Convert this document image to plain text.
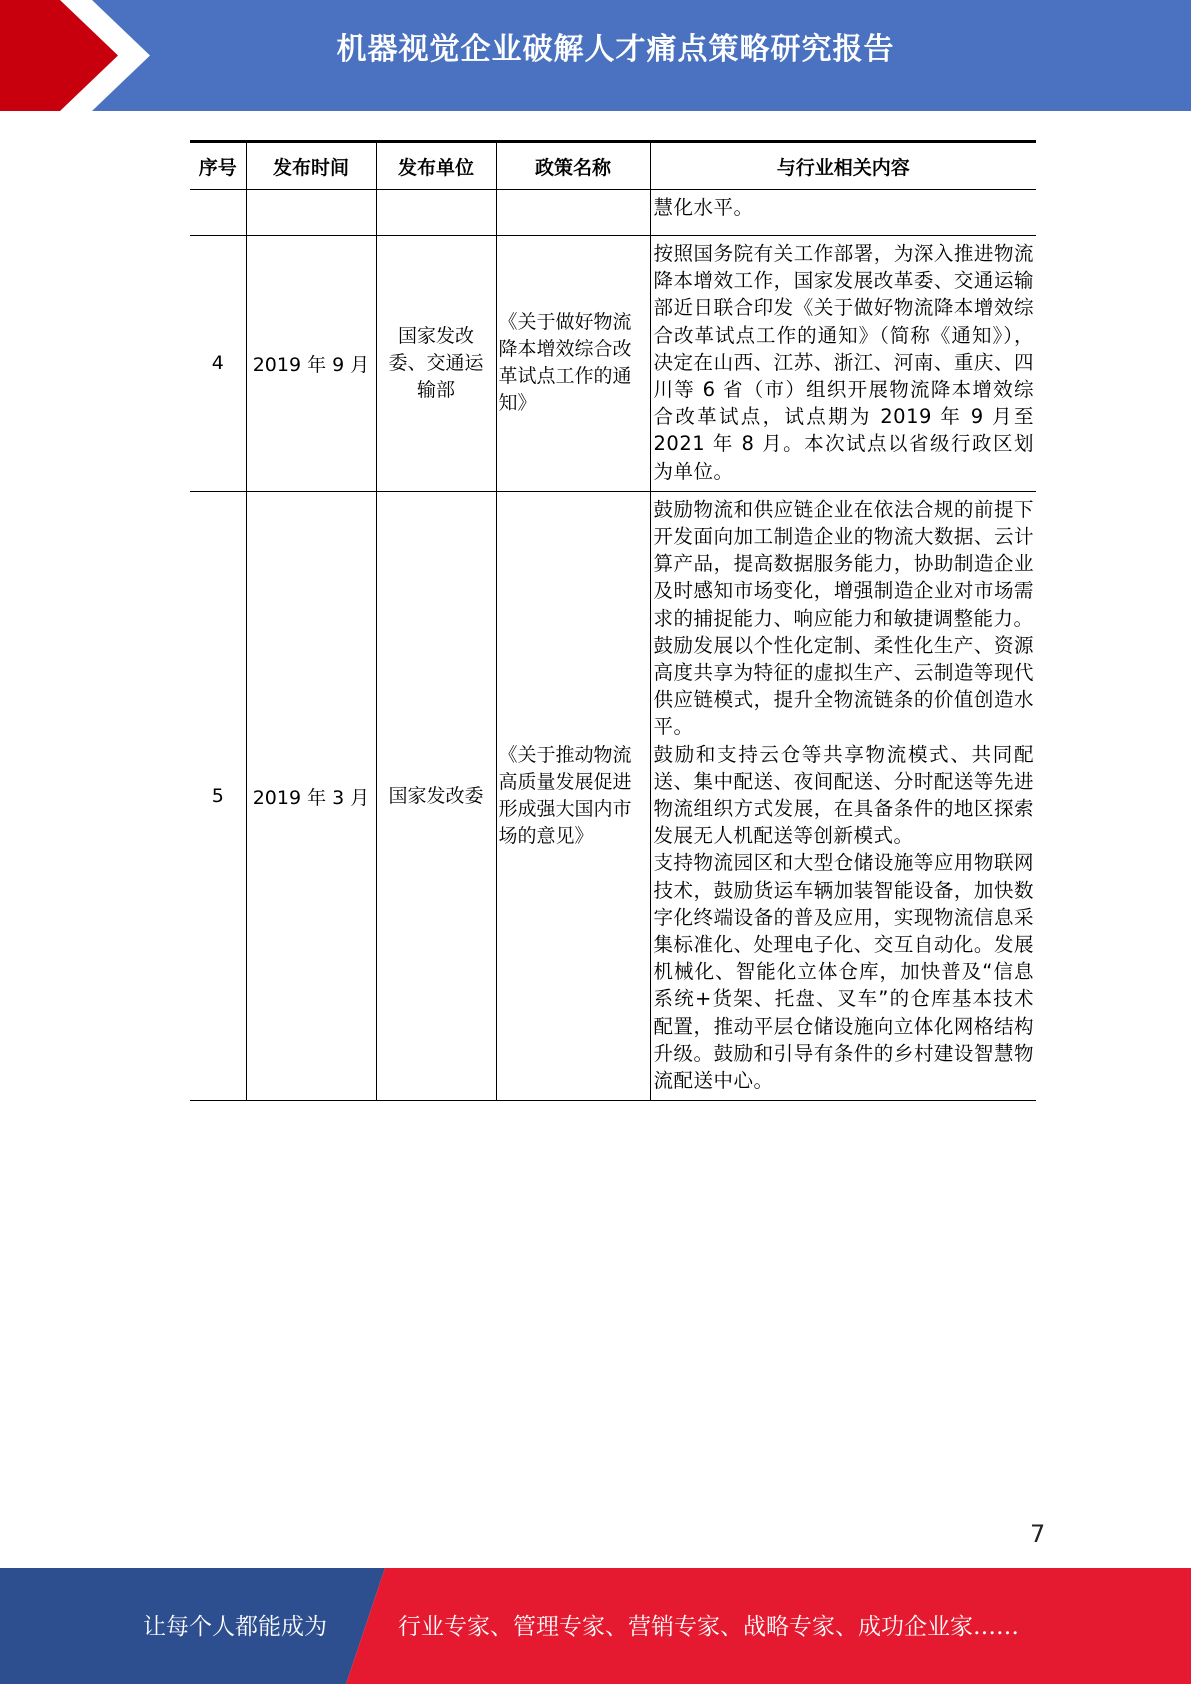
机器视觉企业破解人才痛点策略研究报告
序号	发布时间	发布单位	政策名称	与行业相关内容
				慧化水平。
4	2019 年 9 月	国家发改委、交通运输部	《关于做好物流降本增效综合改革试点工作的通知》	按照国务院有关工作部署，为深入推进物流降本增效工作，国家发展改革委、交通运输部近日联合印发《关于做好物流降本增效综合改革试点工作的通知》（简称《通知》），决定在山西、江苏、浙江、河南、重庆、四川等 6 省（市）组织开展物流降本增效综合改革试点，试点期为 2019 年 9 月至 2021 年 8 月。本次试点以省级行政区划为单位。
5	2019 年 3 月	国家发改委	《关于推动物流高质量发展促进形成强大国内市场的意见》	鼓励物流和供应链企业在依法合规的前提下开发面向加工制造企业的物流大数据、云计算产品，提高数据服务能力，协助制造企业及时感知市场变化，增强制造企业对市场需求的捕捉能力、响应能力和敏捷调整能力。
鼓励发展以个性化定制、柔性化生产、资源高度共享为特征的虚拟生产、云制造等现代供应链模式，提升全物流链条的价值创造水平。
鼓励和支持云仓等共享物流模式、共同配送、集中配送、夜间配送、分时配送等先进物流组织方式发展，在具备条件的地区探索发展无人机配送等创新模式。
支持物流园区和大型仓储设施等应用物联网技术，鼓励货运车辆加装智能设备，加快数字化终端设备的普及应用，实现物流信息采集标准化、处理电子化、交互自动化。发展机械化、智能化立体仓库，加快普及“信息系统+货架、托盘、叉车”的仓库基本技术配置，推动平层仓储设施向立体化网格结构升级。鼓励和引导有条件的乡村建设智慧物流配送中心。
7
让每个人都能成为	行业专家、管理专家、营销专家、战略专家、成功企业家……
